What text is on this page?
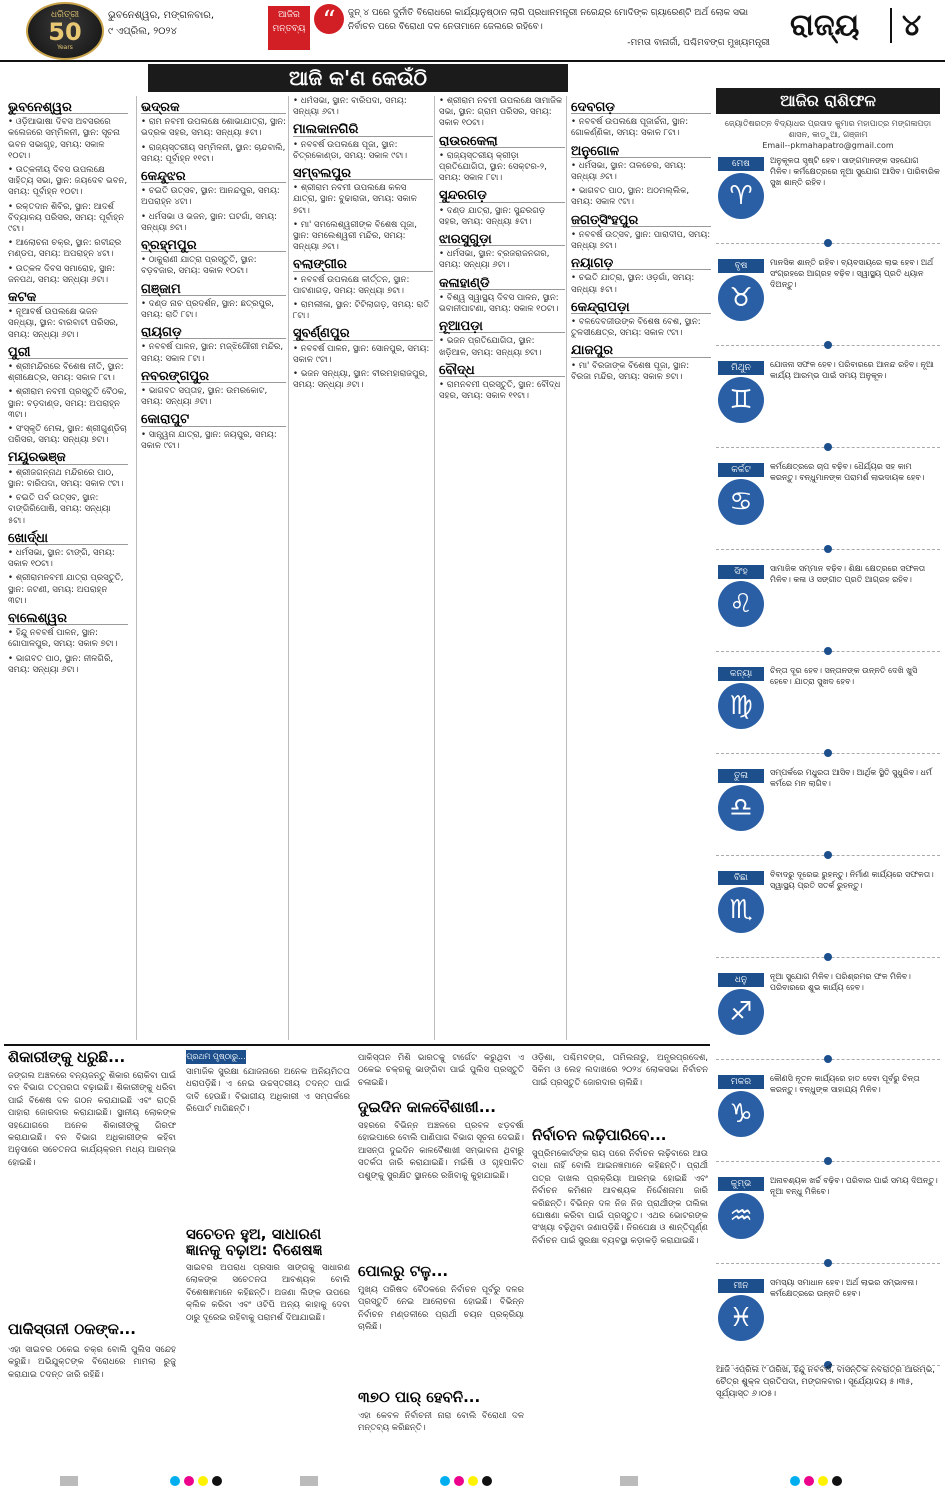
ଧରିତ୍ରୀ
50
Years
ଭୁବନେଶ୍ୱର, ମଙ୍ଗଳବାର,
୯ ଏପ୍ରିଲ, ୨୦୨୪
ଆଜିର ମନ୍ତବ୍ୟ “	ଜୁନ୍ ୪ ପରେ ଦୁର୍ନୀତି ବିରୋଧରେ କାର୍ଯ୍ୟାନୁଷ୍ଠାନ ଲାଗି ପ୍ରଧାନମନ୍ତ୍ରୀ ନରେନ୍ଦ୍ର ମୋଦିଙ୍କ ଗ୍ୟାରେଣ୍ଟି ଅର୍ଥ ଲୋକ ସଭା ନିର୍ବାଚନ ପରେ ବିରୋଧୀ ଦଳ ନେତାମାନେ ଜେଲରେ ରହିବେ।
-ମମତା ବାନାର୍ଜୀ, ପଶ୍ଚିମବଙ୍ଗ ମୁଖ୍ୟମନ୍ତ୍ରୀ ରାଜ୍ୟ	୪
ଆଜି କ'ଣ କେଉଁଠି
ଭୁବନେଶ୍ୱର

• ଓଡ଼ିଆଭାଷା ଦିବସ ଅବସରରେ କଲେଜରେ ସମ୍ମିଳନୀ, ସ୍ଥାନ: ସୂଚନା ଭବନ ସଭାଗୃହ, ସମୟ: ସକାଳ ୧୦ଟା।

• ଉତ୍କଳୀୟ ଦିବସ ଉପଲକ୍ଷେ ସାହିତ୍ୟ ସଭା, ସ୍ଥାନ: ଜୟଦେବ ଭବନ, ସମୟ: ପୂର୍ବାହ୍ନ ୧୦ଟା।

• ରକ୍ତଦାନ ଶିବିର, ସ୍ଥାନ: ଆଦର୍ଶ ବିଦ୍ୟାଳୟ ପରିସର, ସମୟ: ପୂର୍ବାହ୍ନ ୯ଟା।

• ଆଲୋଚନା ଚକ୍ର, ସ୍ଥାନ: ରବୀନ୍ଦ୍ର ମଣ୍ଡପ, ସମୟ: ଅପରାହ୍ନ ୪ଟା।

• ଉତ୍କଳ ଦିବସ ସମାରୋହ, ସ୍ଥାନ: ଜନପଥ, ସମୟ: ସନ୍ଧ୍ୟା ୬ଟା।

କଟକ

• ନୂଆବର୍ଷ ଉପଲକ୍ଷେ ଭଜନ ସନ୍ଧ୍ୟା, ସ୍ଥାନ: ବାରବାଟୀ ପରିସର, ସମୟ: ସନ୍ଧ୍ୟା ୬ଟା।

ପୁରୀ

• ଶ୍ରୀମନ୍ଦିରରେ ବିଶେଷ ନୀତି, ସ୍ଥାନ: ଶ୍ରୀକ୍ଷେତ୍ର, ସମୟ: ସକାଳ ୮ଟା।

• ଶ୍ରୀରାମ ନବମୀ ପ୍ରସ୍ତୁତି ବୈଠକ, ସ୍ଥାନ: ବଡ଼ଦାଣ୍ଡ, ସମୟ: ଅପରାହ୍ନ ୩ଟା।

• ସଂସ୍କୃତି ମେଳା, ସ୍ଥାନ: ଶ୍ରୀଗୁଣ୍ଡିଚା ପରିସର, ସମୟ: ସନ୍ଧ୍ୟା ୭ଟା।

ମୟୂରଭଞ୍ଜ

• ଶ୍ରୀଜଗନ୍ନାଥ ମନ୍ଦିରରେ ପାଠ, ସ୍ଥାନ: ବାରିପଦା, ସମୟ: ସକାଳ ୯ଟା।

• ଚଇତି ପର୍ବ ଉତ୍ସବ, ସ୍ଥାନ: ବାଙ୍ଗିରିପୋଷି, ସମୟ: ସନ୍ଧ୍ୟା ୫ଟା।

ଖୋର୍ଦ୍ଧା

• ଧର୍ମସଭା, ସ୍ଥାନ: ଟାଙ୍ଗି, ସମୟ: ସକାଳ ୧୦ଟା।

• ଶ୍ରୀରାମନବମୀ ଯାତ୍ରା ପ୍ରସ୍ତୁତି, ସ୍ଥାନ: ଜଟଣୀ, ସମୟ: ଅପରାହ୍ନ ୩ଟା।

ବାଲେଶ୍ୱର

• ହିନ୍ଦୁ ନବବର୍ଷ ପାଳନ, ସ୍ଥାନ: ଗୋପାଳପୁର, ସମୟ: ସକାଳ ୭ଟା।

• ଭାଗବତ ପାଠ, ସ୍ଥାନ: ନୀଳଗିରି, ସମୟ: ସନ୍ଧ୍ୟା ୬ଟା।

ଭଦ୍ରକ

• ରାମ ନବମୀ ଉପଲକ୍ଷେ ଶୋଭାଯାତ୍ରା, ସ୍ଥାନ: ଭଦ୍ରକ ସହର, ସମୟ: ସନ୍ଧ୍ୟା ୫ଟା।

• ରାଜ୍ୟସ୍ତରୀୟ ସମ୍ମିଳନୀ, ସ୍ଥାନ: ଚାନ୍ଦବାଲି, ସମୟ: ପୂର୍ବାହ୍ନ ୧୧ଟା।

କେନ୍ଦୁଝର

• ଚଇତି ଉତ୍ସବ, ସ୍ଥାନ: ଆନନ୍ଦପୁର, ସମୟ: ଅପରାହ୍ନ ୪ଟା।

• ଧର୍ମସଭା ଓ ଭଜନ, ସ୍ଥାନ: ଘଟଗାଁ, ସମୟ: ସନ୍ଧ୍ୟା ୭ଟା।

ବ୍ରହ୍ମପୁର

• ଠାକୁରାଣୀ ଯାତ୍ରା ପ୍ରସ୍ତୁତି, ସ୍ଥାନ: ବଡ଼ବଜାର, ସମୟ: ସକାଳ ୧୦ଟା।

ଗଞ୍ଜାମ

• ଦଣ୍ଡ ନାଚ ପ୍ରଦର୍ଶନ, ସ୍ଥାନ: ଛତ୍ରପୁର, ସମୟ: ରାତି ୮ଟା।

ରାୟଗଡ଼

• ନବବର୍ଷ ପାଳନ, ସ୍ଥାନ: ମଜ୍ଝିଗୌରୀ ମନ୍ଦିର, ସମୟ: ସକାଳ ୮ଟା।

ନବରଙ୍ଗପୁର

• ଭାଗବତ ସପ୍ତାହ, ସ୍ଥାନ: ଉମରକୋଟ, ସମୟ: ସନ୍ଧ୍ୟା ୬ଟା।

କୋରାପୁଟ

• ସାନ୍ତ୍ୱନା ଯାତ୍ରା, ସ୍ଥାନ: ଜୟପୁର, ସମୟ: ସକାଳ ୯ଟା।

• ଧର୍ମସଭା, ସ୍ଥାନ: ବାରିପଦା, ସମୟ: ସନ୍ଧ୍ୟା ୬ଟା।

ମାଲକାନଗିରି

• ନବବର୍ଷ ଉପଲକ୍ଷେ ପୂଜା, ସ୍ଥାନ: ଚିତ୍ରକୋଣ୍ଡା, ସମୟ: ସକାଳ ୯ଟା।

ସମ୍ବଲପୁର

• ଶ୍ରୀରାମ ନବମୀ ଉପଲକ୍ଷେ କଳସ ଯାତ୍ରା, ସ୍ଥାନ: ବୁଢାରାଜା, ସମୟ: ସକାଳ ୭ଟା।

• ମା' ସମଲେଶ୍ୱରୀଙ୍କ ବିଶେଷ ପୂଜା, ସ୍ଥାନ: ସମଲେଶ୍ୱରୀ ମନ୍ଦିର, ସମୟ: ସନ୍ଧ୍ୟା ୬ଟା।

ବଲାଙ୍ଗୀର

• ନବବର୍ଷ ଉପଲକ୍ଷେ କୀର୍ତ୍ତନ, ସ୍ଥାନ: ପାଟଣାଗଡ଼, ସମୟ: ସନ୍ଧ୍ୟା ୭ଟା।

• ରାମଲୀଳା, ସ୍ଥାନ: ଟିଟିଲାଗଡ଼, ସମୟ: ରାତି ୮ଟା।

ସୁବର୍ଣ୍ଣପୁର

• ନବବର୍ଷ ପାଳନ, ସ୍ଥାନ: ସୋନପୁର, ସମୟ: ସକାଳ ୯ଟା।

• ଭଜନ ସନ୍ଧ୍ୟା, ସ୍ଥାନ: ବୀରମହାରାଜପୁର, ସମୟ: ସନ୍ଧ୍ୟା ୬ଟା।

• ଶ୍ରୀରାମ ନବମୀ ଉପଲକ୍ଷେ ସାମାଜିକ ସଭା, ସ୍ଥାନ: ଗ୍ରାମ ପରିସର, ସମୟ: ସକାଳ ୧୦ଟା।

ରାଉରକେଲା

• ରାଜ୍ୟସ୍ତରୀୟ କ୍ରୀଡ଼ା ପ୍ରତିଯୋଗିତା, ସ୍ଥାନ: ସେକ୍ଟର-୨, ସମୟ: ସକାଳ ୮ଟା।

ସୁନ୍ଦରଗଡ଼

• ଦଣ୍ଡ ଯାତ୍ରା, ସ୍ଥାନ: ସୁନ୍ଦରଗଡ଼ ସହର, ସମୟ: ସନ୍ଧ୍ୟା ୫ଟା।

ଝାରସୁଗୁଡ଼ା

• ଧର୍ମସଭା, ସ୍ଥାନ: ବ୍ରଜରାଜନଗର, ସମୟ: ସନ୍ଧ୍ୟା ୬ଟା।

କଳାହାଣ୍ଡି

• ବିଶ୍ୱ ସ୍ୱାସ୍ଥ୍ୟ ଦିବସ ପାଳନ, ସ୍ଥାନ: ଭବାନୀପାଟଣା, ସମୟ: ସକାଳ ୧୦ଟା।

ନୂଆପଡ଼ା

• ଭଜନ ପ୍ରତିଯୋଗିତା, ସ୍ଥାନ: ଖଡ଼ିଆଳ, ସମୟ: ସନ୍ଧ୍ୟା ୭ଟା।

ବୌଦ୍ଧ

• ରାମନବମୀ ପ୍ରସ୍ତୁତି, ସ୍ଥାନ: ବୌଦ୍ଧ ସହର, ସମୟ: ସକାଳ ୧୧ଟା।

ଦେବଗଡ଼

• ନବବର୍ଷ ଉପଲକ୍ଷେ ପୂଜାର୍ଚ୍ଚନା, ସ୍ଥାନ: ଗୋକର୍ଣ୍ଣିକା, ସମୟ: ସକାଳ ୮ଟା।

ଅନୁଗୋଳ

• ଧର୍ମସଭା, ସ୍ଥାନ: ତାଳଚେର, ସମୟ: ସନ୍ଧ୍ୟା ୬ଟା।

• ଭାଗବତ ପାଠ, ସ୍ଥାନ: ଅଠମଲ୍ଲିକ, ସମୟ: ସକାଳ ୯ଟା।

ଜଗତ୍‌ସିଂହପୁର

• ନବବର୍ଷ ଉତ୍ସବ, ସ୍ଥାନ: ପାରାଦୀପ, ସମୟ: ସନ୍ଧ୍ୟା ୭ଟା।

ନୟାଗଡ଼

• ଚଇତି ଯାତ୍ରା, ସ୍ଥାନ: ଓଡ଼ଗାଁ, ସମୟ: ସନ୍ଧ୍ୟା ୫ଟା।

କେନ୍ଦ୍ରାପଡ଼ା

• ବଳଦେବଜୀଉଙ୍କ ବିଶେଷ ବେଶ, ସ୍ଥାନ: ତୁଳସୀକ୍ଷେତ୍ର, ସମୟ: ସକାଳ ୯ଟା।

ଯାଜପୁର

• ମା' ବିରଜାଙ୍କ ବିଶେଷ ପୂଜା, ସ୍ଥାନ: ବିରଜା ମନ୍ଦିର, ସମୟ: ସକାଳ ୭ଟା।

ଆଜିର ରାଶିଫଳ
ଜ୍ୟୋତିଷରତ୍ନ ବିଦ୍ୟାଧର ପ୍ରସାଦ କୁମାର ମହାପାତ୍ର ମଙ୍ଗଳାପଡ଼ା ଶାସନ, କାଡ଼ୁଆ, ଗଞ୍ଜାମ
Email--pkmahapatro@gmail.com
ମେଷ
♈
ଅନୁକୂଳତା ସୃଷ୍ଟି ହେବ। ସାଙ୍ଗମାନଙ୍କ ସହଯୋଗ ମିଳିବ। କର୍ମକ୍ଷେତ୍ରରେ ନୂଆ ସୁଯୋଗ ଆସିବ। ପାରିବାରିକ ସୁଖ ଶାନ୍ତି ରହିବ।
ବୃଷ
♉
ମାନସିକ ଶାନ୍ତି ରହିବ। ବ୍ୟବସାୟରେ ଲାଭ ହେବ। ଅର୍ଥ ସଂଗ୍ରହରେ ଆଗ୍ରହ ବଢ଼ିବ। ସ୍ୱାସ୍ଥ୍ୟ ପ୍ରତି ଧ୍ୟାନ ଦିଅନ୍ତୁ।
ମିଥୁନ
♊
ଯୋଜନା ସଫଳ ହେବ। ପରିବାରରେ ଆନନ୍ଦ ରହିବ। ନୂଆ କାର୍ଯ୍ୟ ଆରମ୍ଭ ପାଇଁ ସମୟ ଅନୁକୂଳ।
କର୍କଟ
♋
କର୍ମକ୍ଷେତ୍ରରେ ଚାପ ବଢ଼ିବ। ଧୈର୍ଯ୍ୟର ସହ କାମ କରନ୍ତୁ। ବନ୍ଧୁମାନଙ୍କ ପରାମର୍ଶ ଲାଭଦାୟକ ହେବ।
ସିଂହ
♌
ସାମାଜିକ ସମ୍ମାନ ବଢ଼ିବ। ଶିକ୍ଷା କ୍ଷେତ୍ରରେ ସଫଳତା ମିଳିବ। କଳା ଓ ସଙ୍ଗୀତ ପ୍ରତି ଆଗ୍ରହ ରହିବ।
କନ୍ୟା
♍
ଚିନ୍ତା ଦୂର ହେବ। ସନ୍ତାନଙ୍କ ଉନ୍ନତି ଦେଖି ଖୁସି ହେବେ। ଯାତ୍ରା ସୁଖଦ ହେବ।
ତୁଳା
♎
ସମ୍ପର୍କରେ ମଧୁରତା ଆସିବ। ଆର୍ଥିକ ସ୍ଥିତି ସୁଧୁରିବ। ଧର୍ମ କର୍ମରେ ମନ ଲାଗିବ।
ବିଛା
♏
ବିବାଦରୁ ଦୂରେଇ ରୁହନ୍ତୁ। ନିର୍ମାଣ କାର୍ଯ୍ୟରେ ସଫଳତା। ସ୍ୱାସ୍ଥ୍ୟ ପ୍ରତି ସତର୍କ ରୁହନ୍ତୁ।
ଧନୁ
♐
ନୂଆ ସୁଯୋଗ ମିଳିବ। ପରିଶ୍ରମର ଫଳ ମିଳିବ। ପରିବାରରେ ଶୁଭ କାର୍ଯ୍ୟ ହେବ।
ମକର
♑
କୌଣସି ନୂତନ କାର୍ଯ୍ୟରେ ହାତ ଦେବା ପୂର୍ବରୁ ଚିନ୍ତା କରନ୍ତୁ। ବନ୍ଧୁଙ୍କ ସାହାଯ୍ୟ ମିଳିବ।
କୁମ୍ଭ
♒
ଅନାବଶ୍ୟକ ଖର୍ଚ୍ଚ ବଢ଼ିବ। ପରିବାର ପାଇଁ ସମୟ ଦିଅନ୍ତୁ। ନୂଆ ବନ୍ଧୁ ମିଳିବେ।
ମୀନ
♓
ସମସ୍ୟା ସମାଧାନ ହେବ। ଅର୍ଥ ଲାଭର ସମ୍ଭାବନା। କର୍ମକ୍ଷେତ୍ରରେ ଉନ୍ନତି ହେବ।
ଆଜି ଏପ୍ରିଲ ୯ ତାରିଖ, ହିନ୍ଦୁ ନବବର୍ଷ, ବାସନ୍ତିକ ନବରାତ୍ର ଆରମ୍ଭ, ଚୈତ୍ର ଶୁକ୍ଳ ପ୍ରତିପଦା, ମଙ୍ଗଳବାର। ସୂର୍ଯ୍ୟୋଦୟ ୫।୩୫, ସୂର୍ଯ୍ୟାସ୍ତ ୬।୦୫।
ଶିକାରୀଙ୍କୁ ଧରୁଛି...
ଜଙ୍ଗଲ ଅଞ୍ଚଳରେ ବନ୍ୟଜନ୍ତୁ ଶିକାର ରୋକିବା ପାଇଁ ବନ ବିଭାଗ ତତ୍ପରତା ବଢ଼ାଇଛି। ଶିକାରୀଙ୍କୁ ଧରିବା ପାଇଁ ବିଶେଷ ଦଳ ଗଠନ କରାଯାଇଛି ଏବଂ ରାତ୍ରି ପାହାରା ଜୋରଦାର କରାଯାଇଛି। ସ୍ଥାନୀୟ ଲୋକଙ୍କ ସହଯୋଗରେ ଅନେକ ଶିକାରୀଙ୍କୁ ଗିରଫ କରାଯାଇଛି। ବନ ବିଭାଗ ଅଧିକାରୀଙ୍କ କହିବା ଅନୁସାରେ ସଚେତନତା କାର୍ଯ୍ୟକ୍ରମ ମଧ୍ୟ ଆରମ୍ଭ ହୋଇଛି।
ପାକିସ୍ତାନୀ ଠକଙ୍କ...
ଏହା ସାଇବର ଠକେଇ ଚକ୍ର ବୋଲି ପୁଲିସ ସନ୍ଦେହ କରୁଛି। ଅଭିଯୁକ୍ତଙ୍କ ବିରୋଧରେ ମାମଲା ରୁଜୁ କରାଯାଇ ତଦନ୍ତ ଜାରି ରହିଛି।
ପ୍ରଥମ ପୃଷ୍ଠାରୁ...
ସାମାଜିକ ସୁରକ୍ଷା ଯୋଜନାରେ ଅନେକ ଅନିୟମିତତା ଧରାପଡ଼ିଛି। ଏ ନେଇ ଉଚ୍ଚସ୍ତରୀୟ ତଦନ୍ତ ପାଇଁ ଦାବି ହେଉଛି। ବିଭାଗୀୟ ଅଧିକାରୀ ଏ ସମ୍ପର୍କରେ ରିପୋର୍ଟ ମାଗିଛନ୍ତି।
ସଚେତନ ହୁଅ, ସାଧାରଣ ଜ୍ଞାନକୁ ବଢ଼ାଅ: ବିଶେଷଜ୍ଞ
ସାଇବର ଅପରାଧ ପ୍ରସାର ସାଙ୍ଗକୁ ସାଧାରଣ ଲୋକଙ୍କ ସଚେତନତା ଆବଶ୍ୟକ ବୋଲି ବିଶେଷଜ୍ଞମାନେ କହିଛନ୍ତି। ଅଜଣା ଲିଙ୍କ ଉପରେ କ୍ଲିକ କରିବା ଏବଂ ଓଟିପି ଅନ୍ୟ କାହାକୁ ଦେବା ଠାରୁ ଦୂରେଇ ରହିବାକୁ ପରାମର୍ଶ ଦିଆଯାଇଛି।
ପାକିସ୍ତାନ ମିଶି ଭାରତକୁ ଟାର୍ଗେଟ କରୁଥିବା ଏ ଠକେଇ ଚକ୍ରକୁ ଭାଙ୍ଗିବା ପାଇଁ ପୁଲିସ ପ୍ରସ୍ତୁତି ଚଳାଇଛି।
ଦୁଇଦିନ କାଳବୈଶାଖୀ...
ସହରରେ ବିଭିନ୍ନ ଅଞ୍ଚଳରେ ପ୍ରବଳ ଝଡ଼ବର୍ଷା ହୋଇପାରେ ବୋଲି ପାଣିପାଗ ବିଭାଗ ସୂଚନା ଦେଇଛି। ଆସନ୍ତା ଦୁଇଦିନ କାଳବୈଶାଖୀ ସମ୍ଭାବନା ଥିବାରୁ ସତର୍କତା ଜାରି କରାଯାଇଛି। ମଇଁଷି ଓ ଗୃହପାଳିତ ପଶୁଙ୍କୁ ସୁରକ୍ଷିତ ସ୍ଥାନରେ ରଖିବାକୁ କୁହାଯାଇଛି।
ପୋଲରୁ ଟଳୁ...
ମୁଖ୍ୟ ପରିଷଦ ବୈଠକରେ ନିର୍ବାଚନ ପୂର୍ବରୁ ଦଳର ପ୍ରସ୍ତୁତି ନେଇ ଆଲୋଚନା ହୋଇଛି। ବିଭିନ୍ନ ନିର୍ବାଚନ ମଣ୍ଡଳୀରେ ପ୍ରାର୍ଥୀ ଚୟନ ପ୍ରକ୍ରିୟା ଚାଲିଛି।
୩୭୦ ପାର୍ ହେବନି...
ଏହା କେବଳ ନିର୍ବାଚନୀ ନାରା ବୋଲି ବିରୋଧୀ ଦଳ ମନ୍ତବ୍ୟ କରିଛନ୍ତି।
ଓଡ଼ିଶା, ପଶ୍ଚିମବଙ୍ଗ, ତାମିଲନାଡୁ, ଅନ୍ଧ୍ରପ୍ରଦେଶ, ସିକିମ ଓ ଲେହ ଲଦାଖରେ ୨୦୨୪ ଲୋକସଭା ନିର୍ବାଚନ ପାଇଁ ପ୍ରସ୍ତୁତି ଜୋରଦାର ଚାଲିଛି।
ନିର୍ବାଚନ ଲଢ଼ିପାରିବେ...
ସୁପ୍ରିମକୋର୍ଟଙ୍କ ରାୟ ପରେ ନିର୍ବାଚନ ଲଢ଼ିବାରେ ଆଉ ବାଧା ନାହିଁ ବୋଲି ଆଇନଜ୍ଞମାନେ କହିଛନ୍ତି। ପ୍ରାର୍ଥୀ ପତ୍ର ଦାଖଲ ପ୍ରକ୍ରିୟା ଆରମ୍ଭ ହୋଇଛି ଏବଂ ନିର୍ବାଚନ କମିଶନ ଆବଶ୍ୟକ ନିର୍ଦ୍ଦେଶନାମା ଜାରି କରିଛନ୍ତି। ବିଭିନ୍ନ ଦଳ ନିଜ ନିଜ ପ୍ରାର୍ଥୀଙ୍କ ତାଲିକା ଘୋଷଣା କରିବା ପାଇଁ ପ୍ରସ୍ତୁତ। ଏଥର ଭୋଟରଙ୍କ ସଂଖ୍ୟା ବଢ଼ିଥିବା ଜଣାପଡ଼ିଛି। ନିରପେକ୍ଷ ଓ ଶାନ୍ତିପୂର୍ଣ୍ଣ ନିର୍ବାଚନ ପାଇଁ ସୁରକ୍ଷା ବ୍ୟବସ୍ଥା କଡ଼ାକଡ଼ି କରାଯାଇଛି।
